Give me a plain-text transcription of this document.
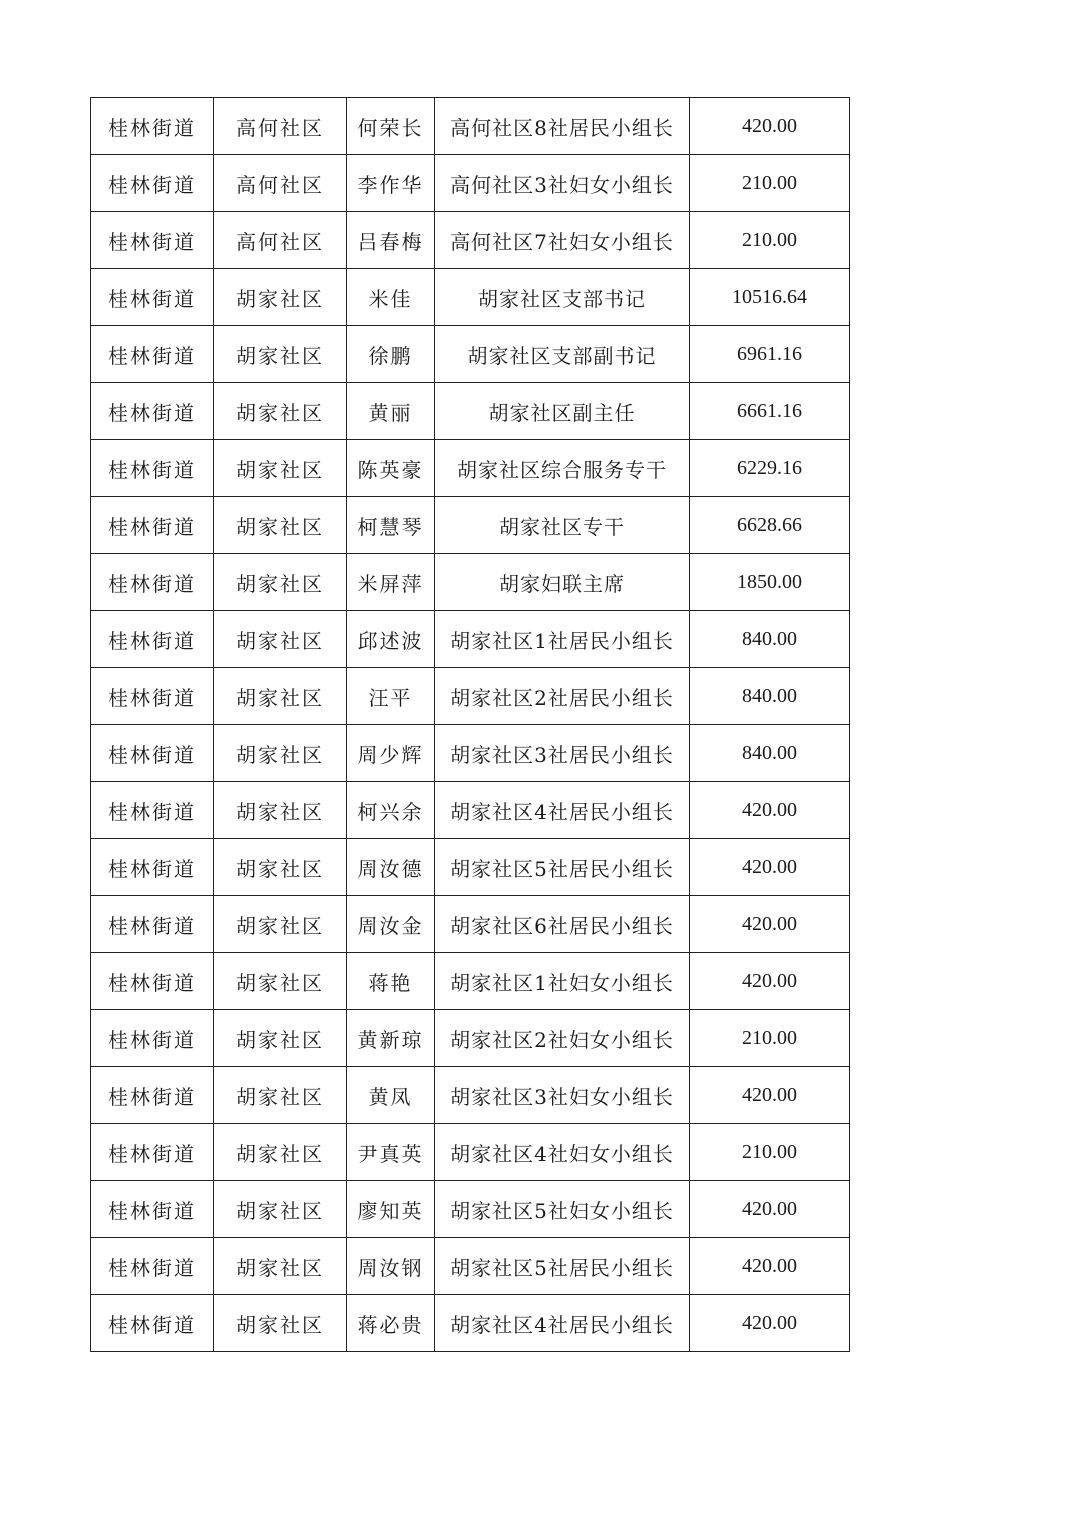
桂林街道	高何社区	何荣长	高何社区8社居民小组长	420.00
桂林街道	高何社区	李作华	高何社区3社妇女小组长	210.00
桂林街道	高何社区	吕春梅	高何社区7社妇女小组长	210.00
桂林街道	胡家社区	米佳	胡家社区支部书记	10516.64
桂林街道	胡家社区	徐鹏	胡家社区支部副书记	6961.16
桂林街道	胡家社区	黄丽	胡家社区副主任	6661.16
桂林街道	胡家社区	陈英豪	胡家社区综合服务专干	6229.16
桂林街道	胡家社区	柯慧琴	胡家社区专干	6628.66
桂林街道	胡家社区	米屏萍	胡家妇联主席	1850.00
桂林街道	胡家社区	邱述波	胡家社区1社居民小组长	840.00
桂林街道	胡家社区	汪平	胡家社区2社居民小组长	840.00
桂林街道	胡家社区	周少辉	胡家社区3社居民小组长	840.00
桂林街道	胡家社区	柯兴余	胡家社区4社居民小组长	420.00
桂林街道	胡家社区	周汝德	胡家社区5社居民小组长	420.00
桂林街道	胡家社区	周汝金	胡家社区6社居民小组长	420.00
桂林街道	胡家社区	蒋艳	胡家社区1社妇女小组长	420.00
桂林街道	胡家社区	黄新琼	胡家社区2社妇女小组长	210.00
桂林街道	胡家社区	黄凤	胡家社区3社妇女小组长	420.00
桂林街道	胡家社区	尹真英	胡家社区4社妇女小组长	210.00
桂林街道	胡家社区	廖知英	胡家社区5社妇女小组长	420.00
桂林街道	胡家社区	周汝钢	胡家社区5社居民小组长	420.00
桂林街道	胡家社区	蒋必贵	胡家社区4社居民小组长	420.00
